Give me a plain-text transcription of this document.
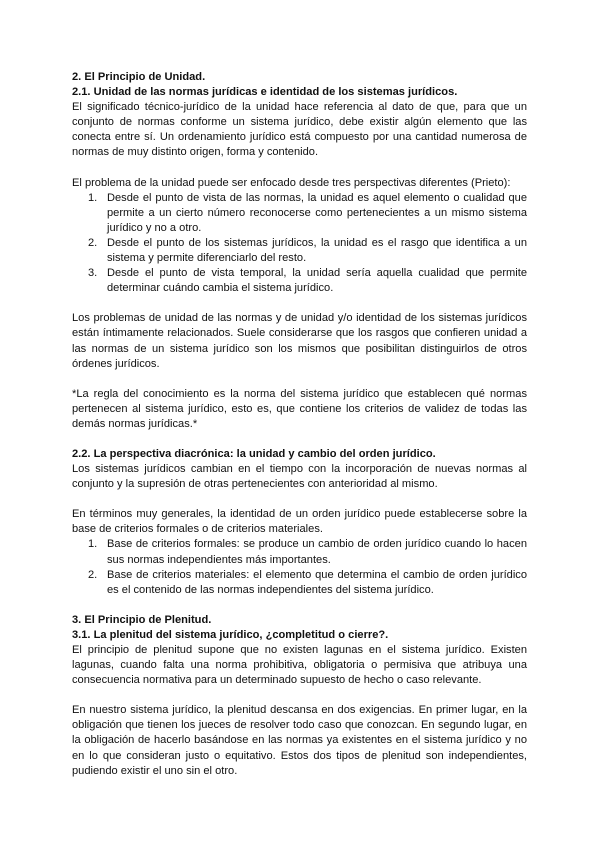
2. El Principio de Unidad.
2.1. Unidad de las normas jurídicas e identidad de los sistemas jurídicos.

El significado técnico-jurídico de la unidad hace referencia al dato de que, para que un conjunto de normas conforme un sistema jurídico, debe existir algún elemento que las conecta entre sí. Un ordenamiento jurídico está compuesto por una cantidad numerosa de normas de muy distinto origen, forma y contenido.

El problema de la unidad puede ser enfocado desde tres perspectivas diferentes (Prieto):

1. Desde el punto de vista de las normas, la unidad es aquel elemento o cualidad que permite a un cierto número reconocerse como pertenecientes a un mismo sistema jurídico y no a otro.
2. Desde el punto de los sistemas jurídicos, la unidad es el rasgo que identifica a un sistema y permite diferenciarlo del resto.
3. Desde el punto de vista temporal, la unidad sería aquella cualidad que permite determinar cuándo cambia el sistema jurídico.

Los problemas de unidad de las normas y de unidad y/o identidad de los sistemas jurídicos están íntimamente relacionados. Suele considerarse que los rasgos que confieren unidad a las normas de un sistema jurídico son los mismos que posibilitan distinguirlos de otros órdenes jurídicos.

*La regla del conocimiento es la norma del sistema jurídico que establecen qué normas pertenecen al sistema jurídico, esto es, que contiene los criterios de validez de todas las demás normas jurídicas.*

2.2. La perspectiva diacrónica: la unidad y cambio del orden jurídico.

Los sistemas jurídicos cambian en el tiempo con la incorporación de nuevas normas al conjunto y la supresión de otras pertenecientes con anterioridad al mismo.

En términos muy generales, la identidad de un orden jurídico puede establecerse sobre la base de criterios formales o de criterios materiales.

1. Base de criterios formales: se produce un cambio de orden jurídico cuando lo hacen sus normas independientes más importantes.
2. Base de criterios materiales: el elemento que determina el cambio de orden jurídico es el contenido de las normas independientes del sistema jurídico.
3. El Principio de Plenitud.
3.1. La plenitud del sistema jurídico, ¿completitud o cierre?.

El principio de plenitud supone que no existen lagunas en el sistema jurídico. Existen lagunas, cuando falta una norma prohibitiva, obligatoria o permisiva que atribuya una consecuencia normativa para un determinado supuesto de hecho o caso relevante.

En nuestro sistema jurídico, la plenitud descansa en dos exigencias. En primer lugar, en la obligación que tienen los jueces de resolver todo caso que conozcan. En segundo lugar, en la obligación de hacerlo basándose en las normas ya existentes en el sistema jurídico y no en lo que consideran justo o equitativo. Estos dos tipos de plenitud son independientes, pudiendo existir el uno sin el otro.
